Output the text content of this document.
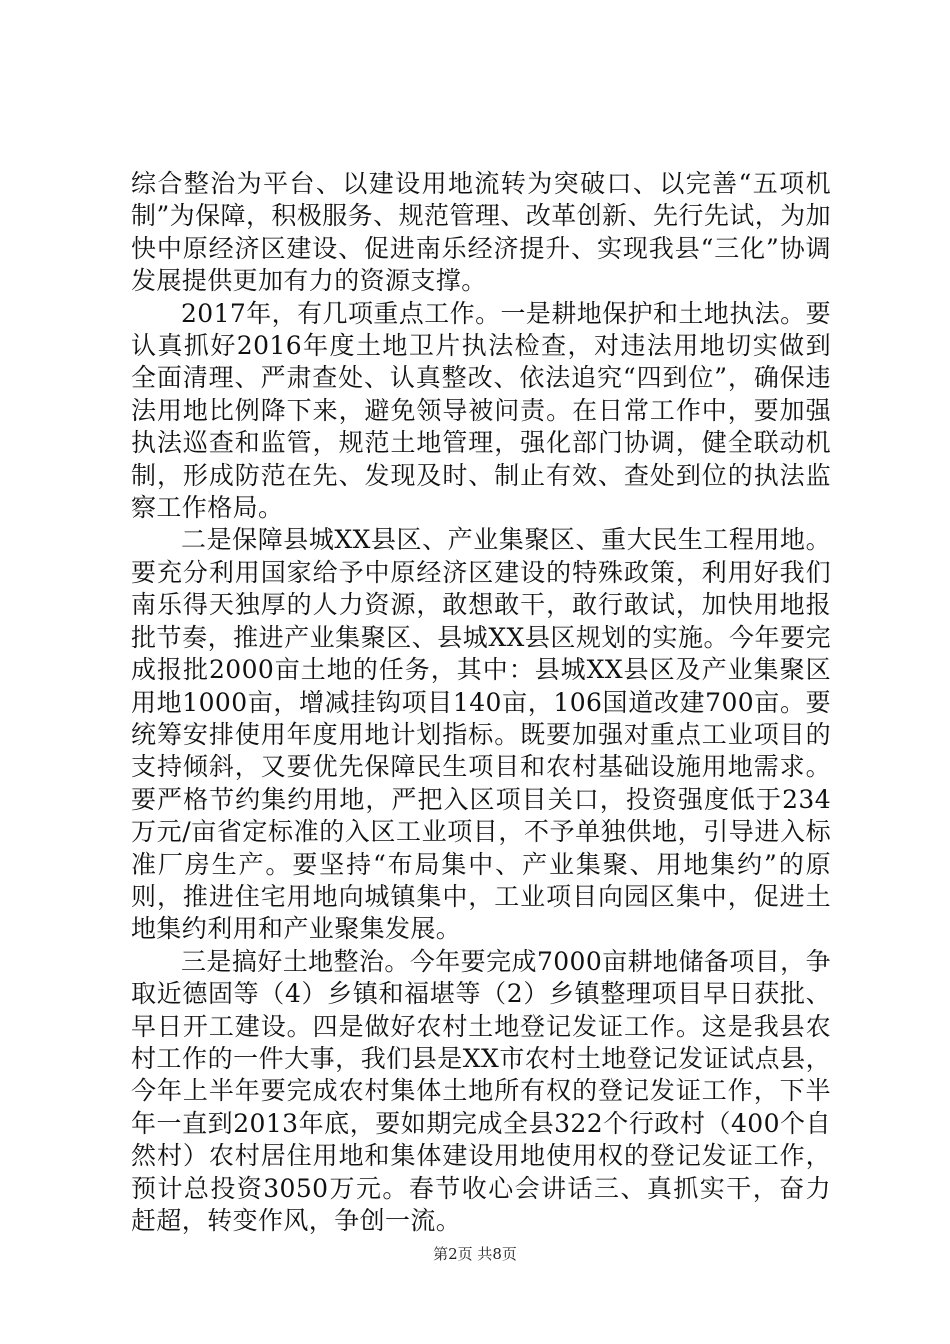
综合整治为平台、以建设用地流转为突破口、以完善“五项机制”为保障，积极服务、规范管理、改革创新、先行先试，为加快中原经济区建设、促进南乐经济提升、实现我县“三化”协调发展提供更加有力的资源支撑。

2017年，有几项重点工作。一是耕地保护和土地执法。要认真抓好2016年度土地卫片执法检查，对违法用地切实做到全面清理、严肃查处、认真整改、依法追究“四到位”，确保违法用地比例降下来，避免领导被问责。在日常工作中，要加强执法巡查和监管，规范土地管理，强化部门协调，健全联动机制，形成防范在先、发现及时、制止有效、查处到位的执法监察工作格局。

二是保障县城XX县区、产业集聚区、重大民生工程用地。要充分利用国家给予中原经济区建设的特殊政策，利用好我们南乐得天独厚的人力资源，敢想敢干，敢行敢试，加快用地报批节奏，推进产业集聚区、县城XX县区规划的实施。今年要完成报批2000亩土地的任务，其中：县城XX县区及产业集聚区用地1000亩，增减挂钩项目140亩，106国道改建700亩。要统筹安排使用年度用地计划指标。既要加强对重点工业项目的支持倾斜，又要优先保障民生项目和农村基础设施用地需求。要严格节约集约用地，严把入区项目关口，投资强度低于234万元/亩省定标准的入区工业项目，不予单独供地，引导进入标准厂房生产。要坚持“布局集中、产业集聚、用地集约”的原则，推进住宅用地向城镇集中，工业项目向园区集中，促进土地集约利用和产业聚集发展。

三是搞好土地整治。今年要完成7000亩耕地储备项目，争取近德固等（4）乡镇和福堪等（2）乡镇整理项目早日获批、早日开工建设。四是做好农村土地登记发证工作。这是我县农村工作的一件大事，我们县是XX市农村土地登记发证试点县，今年上半年要完成农村集体土地所有权的登记发证工作，下半年一直到2013年底，要如期完成全县322个行政村（400个自然村）农村居住用地和集体建设用地使用权的登记发证工作，预计总投资3050万元。春节收心会讲话三、真抓实干，奋力赶超，转变作风，争创一流。

第2页 共8页
